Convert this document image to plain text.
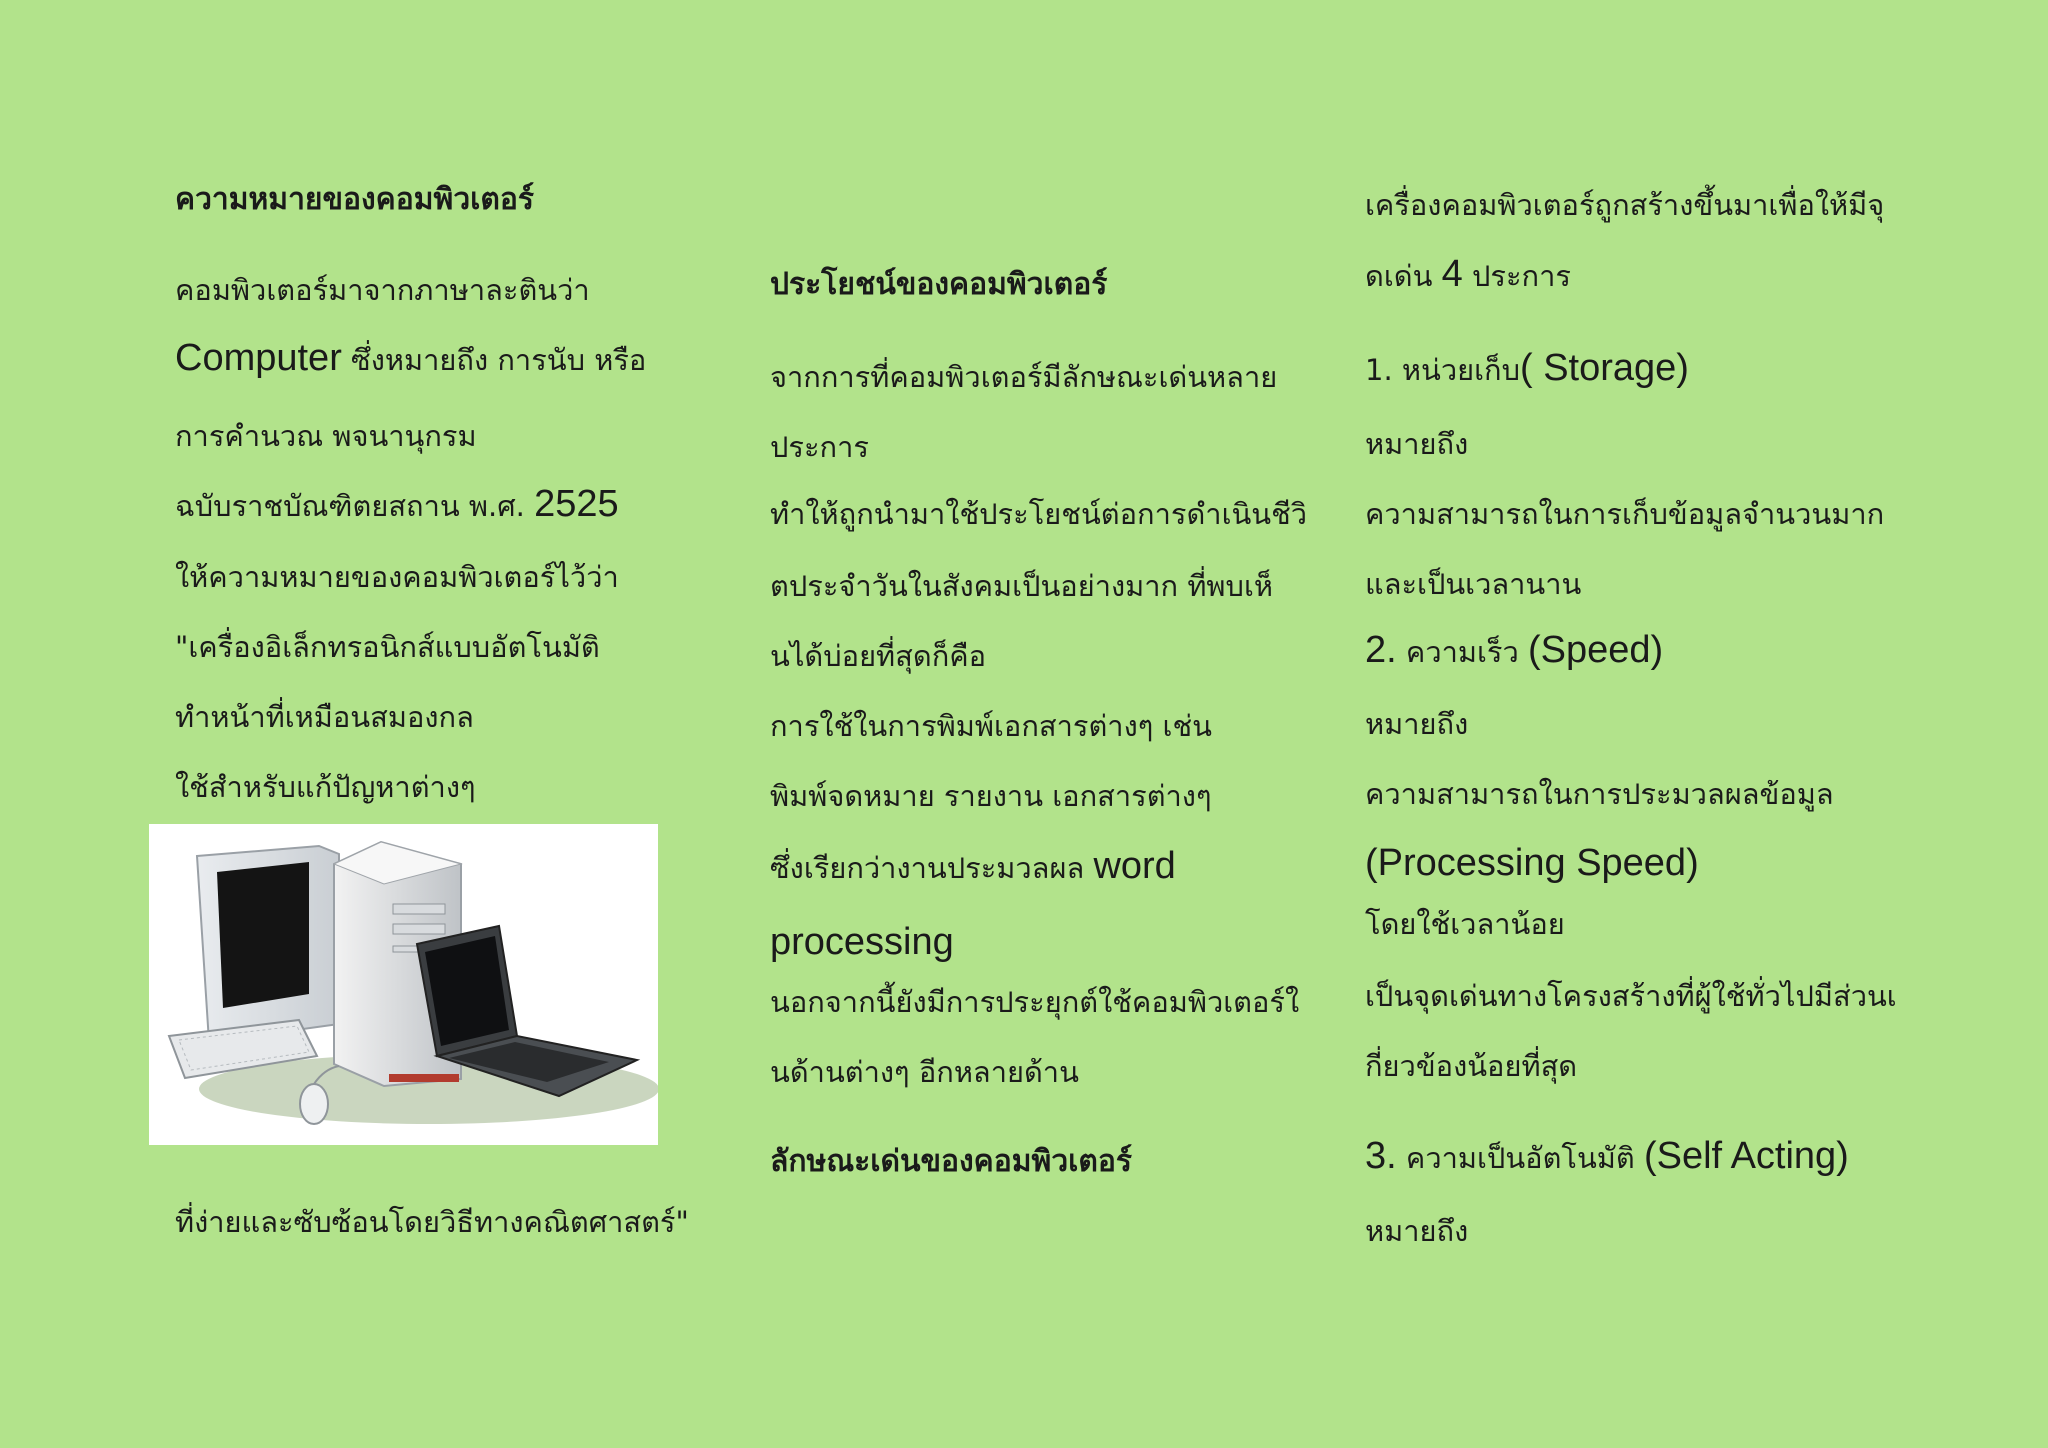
ความหมายของคอมพิวเตอร์
คอมพิวเตอร์มาจากภาษาละตินว่า
Computer ซึ่งหมายถึง การนับ หรือ
การคำนวณ พจนานุกรม
ฉบับราชบัณฑิตยสถาน พ.ศ. 2525
ให้ความหมายของคอมพิวเตอร์ไว้ว่า
"เครื่องอิเล็กทรอนิกส์แบบอัตโนมัติ
ทำหน้าที่เหมือนสมองกล
ใช้สำหรับแก้ปัญหาต่างๆ
ที่ง่ายและซับซ้อนโดยวิธีทางคณิตศาสตร์"
ประโยชน์ของคอมพิวเตอร์
จากการที่คอมพิวเตอร์มีลักษณะเด่นหลาย
ประการ
ทำให้ถูกนำมาใช้ประโยชน์ต่อการดำเนินชีวิ
ตประจำวันในสังคมเป็นอย่างมาก ที่พบเห็
นได้บ่อยที่สุดก็คือ
การใช้ในการพิมพ์เอกสารต่างๆ เช่น
พิมพ์จดหมาย รายงาน เอกสารต่างๆ
ซึ่งเรียกว่างานประมวลผล word
processing
นอกจากนี้ยังมีการประยุกต์ใช้คอมพิวเตอร์ใ
นด้านต่างๆ อีกหลายด้าน
ลักษณะเด่นของคอมพิวเตอร์
เครื่องคอมพิวเตอร์ถูกสร้างขึ้นมาเพื่อให้มีจุ
ดเด่น 4 ประการ
1. หน่วยเก็บ( Storage)
หมายถึง
ความสามารถในการเก็บข้อมูลจำนวนมาก
และเป็นเวลานาน
2. ความเร็ว (Speed)
หมายถึง
ความสามารถในการประมวลผลข้อมูล
(Processing Speed)
โดยใช้เวลาน้อย
เป็นจุดเด่นทางโครงสร้างที่ผู้ใช้ทั่วไปมีส่วนเ
กี่ยวข้องน้อยที่สุด
3. ความเป็นอัตโนมัติ (Self Acting)
หมายถึง
